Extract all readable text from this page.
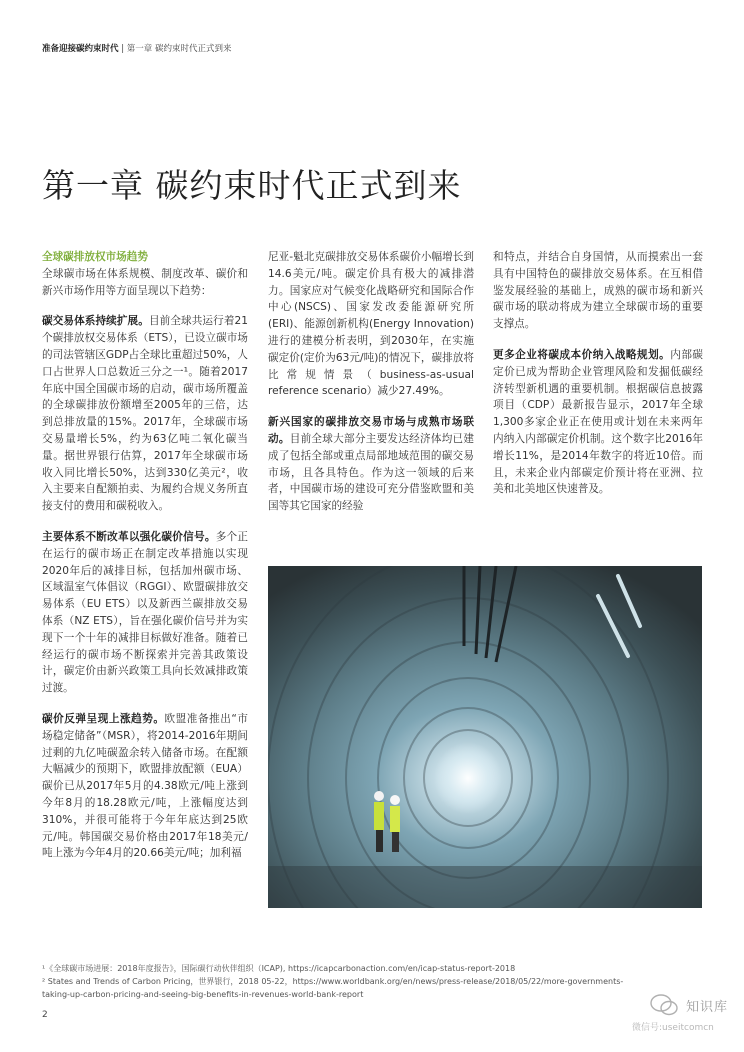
准备迎接碳约束时代 | 第一章 碳约束时代正式到来
第一章 碳约束时代正式到来
全球碳排放权市场趋势

全球碳市场在体系规模、制度改革、碳价和新兴市场作用等方面呈现以下趋势：

碳交易体系持续扩展。目前全球共运行着21个碳排放权交易体系（ETS），已设立碳市场的司法管辖区GDP占全球比重超过50%，人口占世界人口总数近三分之一¹。随着2017年底中国全国碳市场的启动，碳市场所覆盖的全球碳排放份额增至2005年的三倍，达到总排放量的15%。2017年，全球碳市场交易量增长5%，约为63亿吨二氧化碳当量。据世界银行估算，2017年全球碳市场收入同比增长50%，达到330亿美元²，收入主要来自配额拍卖、为履约合规义务所直接支付的费用和碳税收入。

主要体系不断改革以强化碳价信号。多个正在运行的碳市场正在制定改革措施以实现2020年后的减排目标，包括加州碳市场、区域温室气体倡议（RGGI）、欧盟碳排放交易体系（EU ETS）以及新西兰碳排放交易体系（NZ ETS），旨在强化碳价信号并为实现下一个十年的减排目标做好准备。随着已经运行的碳市场不断探索并完善其政策设计，碳定价由新兴政策工具向长效减排政策过渡。

碳价反弹呈现上涨趋势。欧盟准备推出“市场稳定储备”（MSR），将2014-2016年期间过剩的九亿吨碳盈余转入储备市场。在配额大幅减少的预期下，欧盟排放配额（EUA）碳价已从2017年5月的4.38欧元/吨上涨到今年8月的18.28欧元/吨，上涨幅度达到310%，并很可能将于今年年底达到25欧元/吨。韩国碳交易价格由2017年18美元/吨上涨为今年4月的20.66美元/吨；加利福

尼亚-魁北克碳排放交易体系碳价小幅增长到14.6美元/吨。碳定价具有极大的减排潜力。国家应对气候变化战略研究和国际合作中心(NSCS)、国家发改委能源研究所(ERI)、能源创新机构(Energy Innovation)进行的建模分析表明，到2030年，在实施碳定价(定价为63元/吨)的情况下，碳排放将比常规情景（business-as-usual reference scenario）减少27.49%。

新兴国家的碳排放交易市场与成熟市场联动。目前全球大部分主要发达经济体均已建成了包括全部或重点局部地域范围的碳交易市场，且各具特色。作为这一领域的后来者，中国碳市场的建设可充分借鉴欧盟和美国等其它国家的经验

和特点，并结合自身国情，从而摸索出一套具有中国特色的碳排放交易体系。在互相借鉴发展经验的基础上，成熟的碳市场和新兴碳市场的联动将成为建立全球碳市场的重要支撑点。

更多企业将碳成本价纳入战略规划。内部碳定价已成为帮助企业管理风险和发掘低碳经济转型新机遇的重要机制。根据碳信息披露项目（CDP）最新报告显示，2017年全球1,300多家企业正在使用或计划在未来两年内纳入内部碳定价机制。这个数字比2016年增长11%，是2014年数字的将近10倍。而且，未来企业内部碳定价预计将在亚洲、拉美和北美地区快速普及。

¹《全球碳市场进展：2018年度报告》，国际碳行动伙伴组织（ICAP), https://icapcarbonaction.com/en/icap-status-report-2018
² States and Trends of Carbon Pricing，世界银行，2018 05-22，https://www.worldbank.org/en/news/press-release/2018/05/22/more-governments-
taking-up-carbon-pricing-and-seeing-big-benefits-in-revenues-world-bank-report
2	知识库
微信号:useitcomcn
